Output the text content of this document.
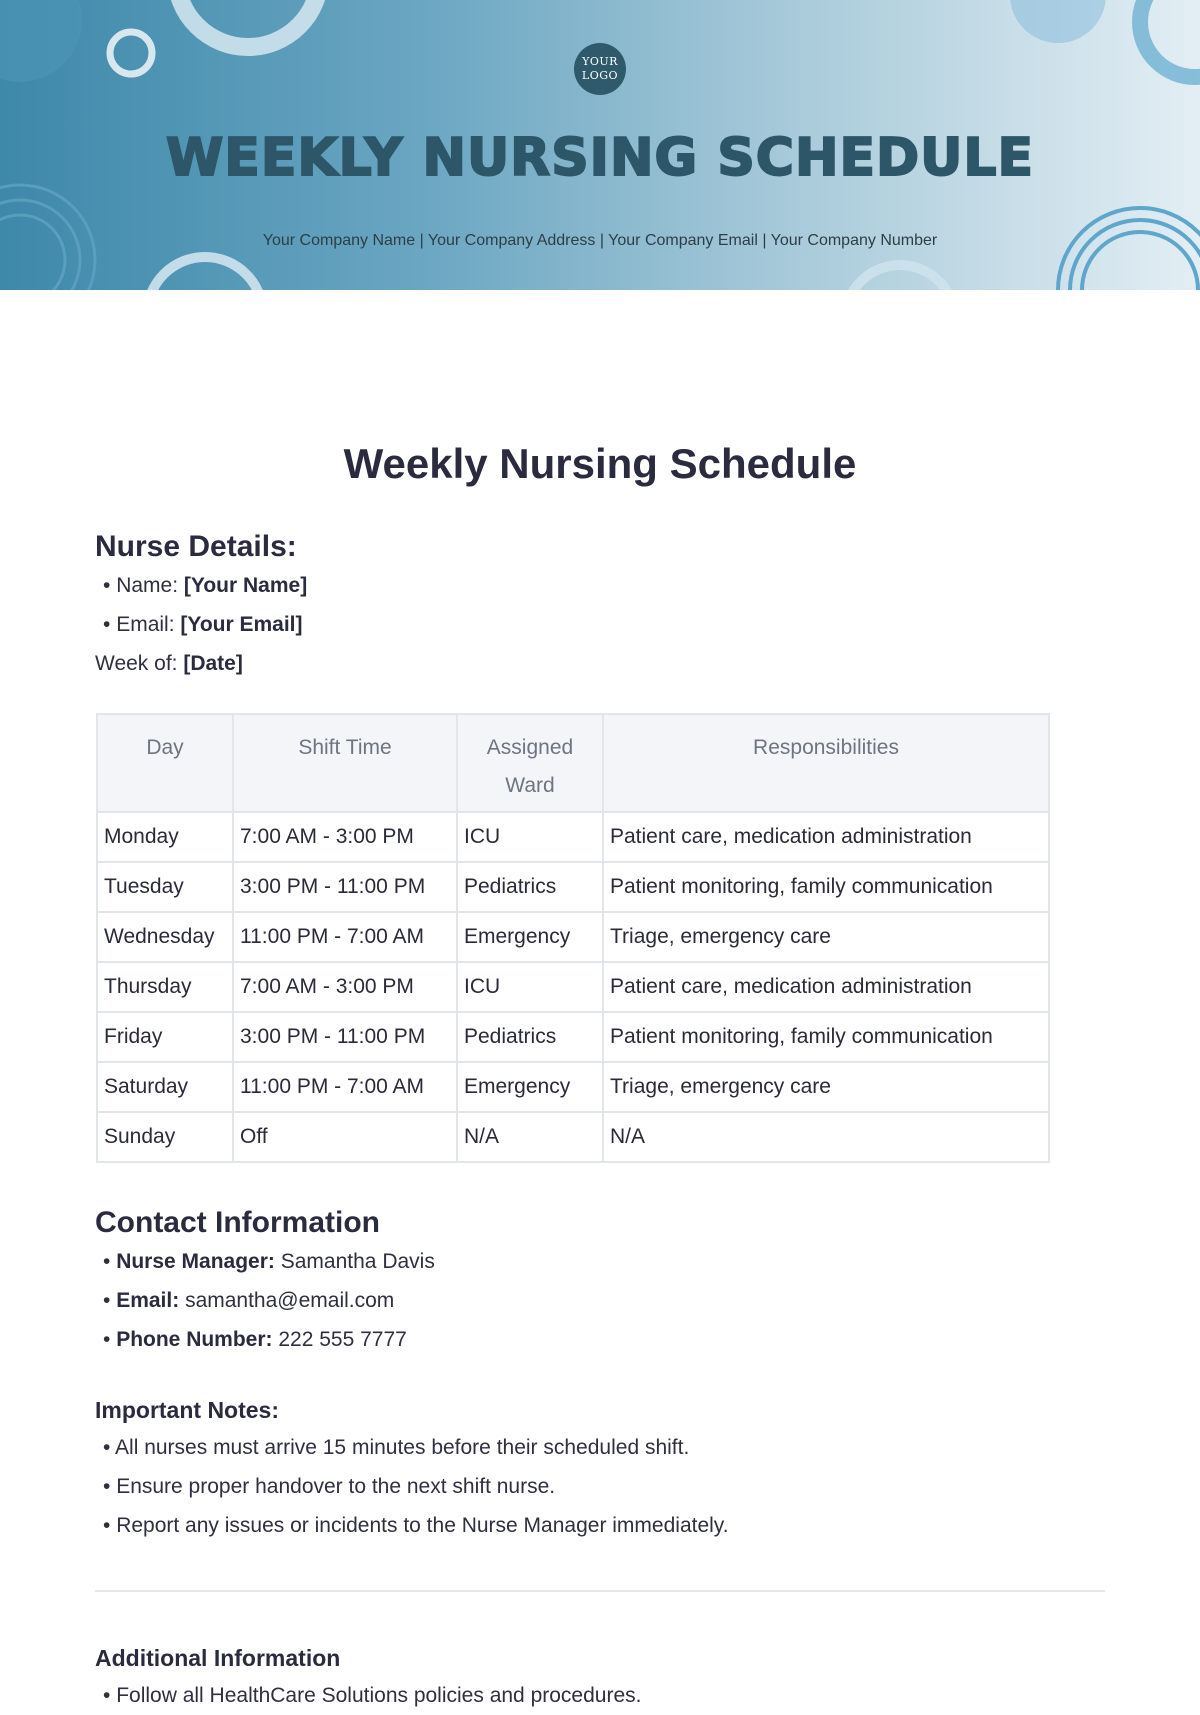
YOUR LOGO
WEEKLY NURSING SCHEDULE
Your Company Name | Your Company Address | Your Company Email | Your Company Number
Weekly Nursing Schedule
Nurse Details:
• Name: [Your Name]
• Email: [Your Email]
Week of: [Date]
Day	Shift Time	Assigned Ward	Responsibilities
Monday	7:00 AM - 3:00 PM	ICU	Patient care, medication administration
Tuesday	3:00 PM - 11:00 PM	Pediatrics	Patient monitoring, family communication
Wednesday	11:00 PM - 7:00 AM	Emergency	Triage, emergency care
Thursday	7:00 AM - 3:00 PM	ICU	Patient care, medication administration
Friday	3:00 PM - 11:00 PM	Pediatrics	Patient monitoring, family communication
Saturday	11:00 PM - 7:00 AM	Emergency	Triage, emergency care
Sunday	Off	N/A	N/A
Contact Information
• Nurse Manager: Samantha Davis
• Email: samantha@email.com
• Phone Number: 222 555 7777
Important Notes:
• All nurses must arrive 15 minutes before their scheduled shift.
• Ensure proper handover to the next shift nurse.
• Report any issues or incidents to the Nurse Manager immediately.
Additional Information
• Follow all HealthCare Solutions policies and procedures.
